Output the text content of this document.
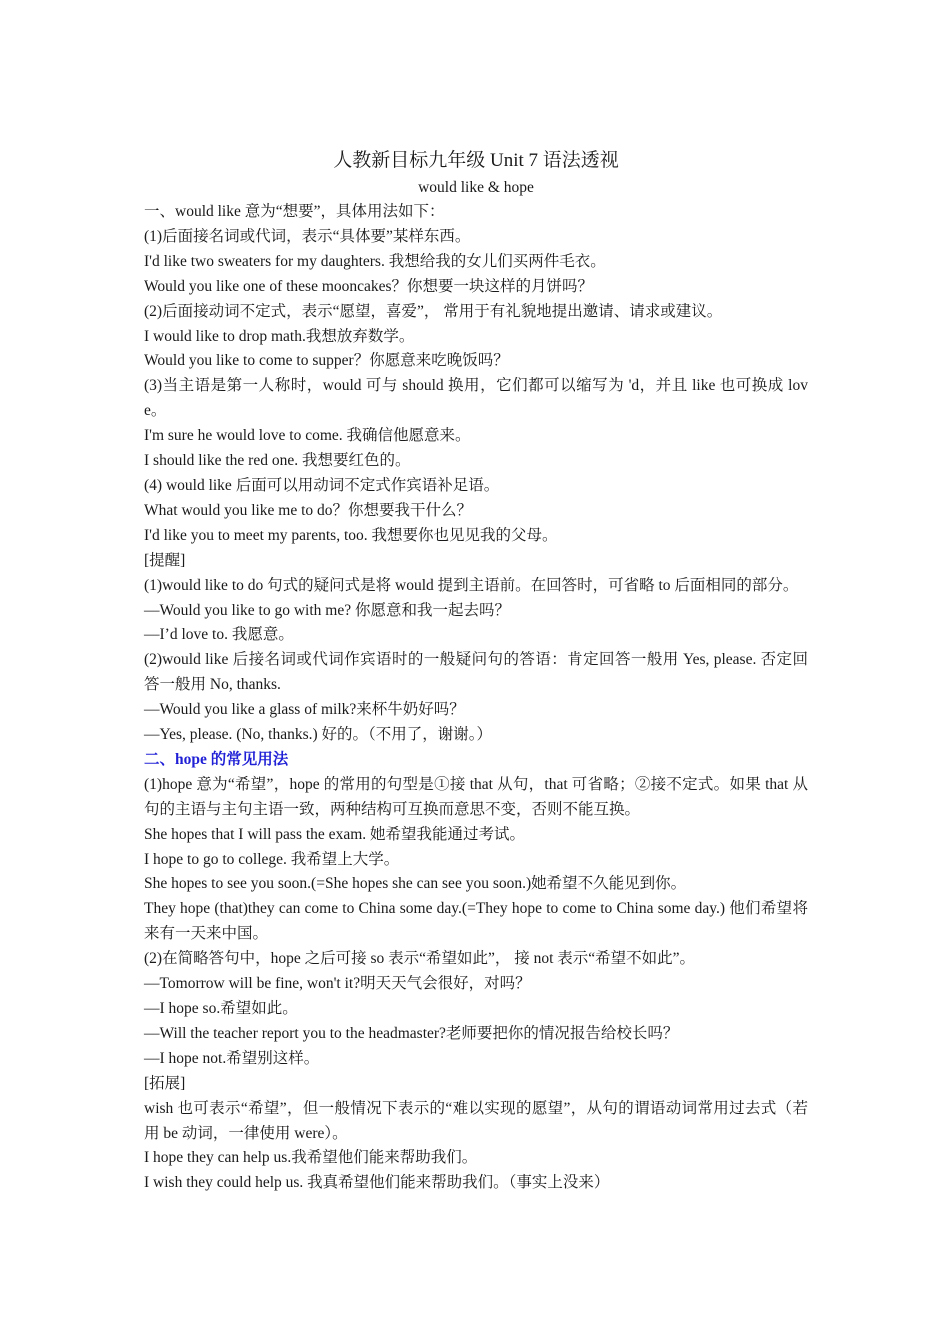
人教新目标九年级 Unit 7 语法透视
would like & hope
一、would like 意为“想要”，具体用法如下：
(1)后面接名词或代词，表示“具体要”某样东西。
I'd like two sweaters for my daughters. 我想给我的女儿们买两件毛衣。
Would you like one of these mooncakes？你想要一块这样的月饼吗？
(2)后面接动词不定式，表示“愿望，喜爱”， 常用于有礼貌地提出邀请、请求或建议。
I would like to drop math.我想放弃数学。
Would you like to come to supper？你愿意来吃晚饭吗？
(3)当主语是第一人称时，would 可与 should 换用，它们都可以缩写为 'd，并且 like 也可换成 love。
I'm sure he would love to come. 我确信他愿意来。
I should like the red one. 我想要红色的。
(4) would like 后面可以用动词不定式作宾语补足语。
What would you like me to do？你想要我干什么？
I'd like you to meet my parents, too. 我想要你也见见我的父母。
[提醒]
(1)would like to do 句式的疑问式是将 would 提到主语前。在回答时，可省略 to 后面相同的部分。
—Would you like to go with me? 你愿意和我一起去吗？
—I’d love to. 我愿意。
(2)would like 后接名词或代词作宾语时的一般疑问句的答语：肯定回答一般用 Yes, please. 否定回答一般用 No, thanks.
—Would you like a glass of milk?来杯牛奶好吗？
—Yes, please. (No, thanks.) 好的。（不用了，谢谢。）
二、hope 的常见用法
(1)hope 意为“希望”，hope 的常用的句型是①接 that 从句，that 可省略；②接不定式。如果 that 从句的主语与主句主语一致，两种结构可互换而意思不变，否则不能互换。
She hopes that I will pass the exam. 她希望我能通过考试。
I hope to go to college. 我希望上大学。
She hopes to see you soon.(=She hopes she can see you soon.)她希望不久能见到你。
They hope (that)they can come to China some day.(=They hope to come to China some day.) 他们希望将来有一天来中国。
(2)在简略答句中，hope 之后可接 so 表示“希望如此”， 接 not 表示“希望不如此”。
—Tomorrow will be fine, won't it?明天天气会很好，对吗？
—I hope so.希望如此。
—Will the teacher report you to the headmaster?老师要把你的情况报告给校长吗？
—I hope not.希望别这样。
[拓展]
wish 也可表示“希望”，但一般情况下表示的“难以实现的愿望”，从句的谓语动词常用过去式（若用 be 动词，一律使用 were）。
I hope they can help us.我希望他们能来帮助我们。
I wish they could help us. 我真希望他们能来帮助我们。（事实上没来）
